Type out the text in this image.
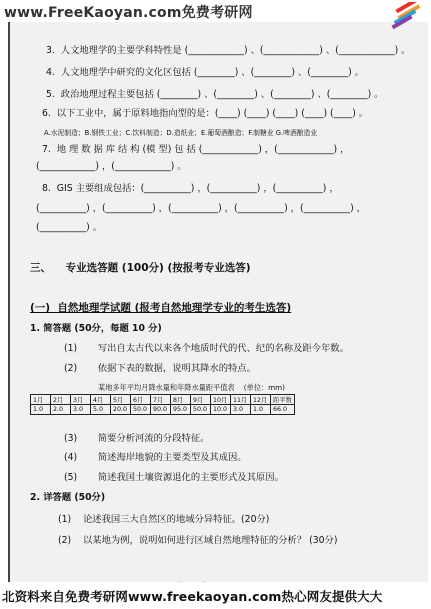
www.FreeKaoyan.com免费考研网
3.  人文地理学的主要学科特性是 (____________) 、(____________) 、(____________) 。
4.  人文地理学中研究的文化区包括 (________) 、(________) 、(________) 。
5.  政治地理过程主要包括 (________) 、(________) 、(________) 、(________) 。
6.  以下工业中，属于原料地指向型的是：(____) (____) (____) (____) (____) 。
A.水泥制造；B.钢铁工业；C.饮料制造；D.造纸业；E.葡萄酒酿造；F.制糖业 G.啤酒酿造业
7.  地 理 数 据 库 结 构 (模 型) 包 括 (____________) ，(____________) ，
(____________) ，(____________) 。
8.  GIS 主要组成包括：(__________) ，(__________) ，(__________) ，
(__________) ，(__________) ，(__________) ，(__________) ，(__________) ，
(__________) 。
三、    专业选答题 (100分) (按报考专业选答)
(一)  自然地理学试题 (报考自然地理学专业的考生选答)
1. 简答题 (50分，每题 10 分)
(1)       写出自太古代以来各个地质时代的代、纪的名称及距今年数。
(2)       依据下表的数据，说明其降水的特点。
某地多年平均月降水量和年降水量距平值表    (单位：mm)
1月	2月	3月	4月	5月	6月	7月	8月	9月	10月	11月	12月	距平数
1.0	2.0	3.0	5.0	20.0	50.0	90.0	95.0	50.0	10.0	3.0	1.0	66.0
(3)       简要分析河流的分段特征。
(4)       简述海岸地貌的主要类型及其成因。
(5)       简述我国土壤资源退化的主要形式及其原因。
2. 详答题 (50分)
(1)    论述我国三大自然区的地域分异特征。(20分)
(2)    以某地为例，说明如何进行区域自然地理特征的分析？ (30分)
北资料来自免费考研网www.freekaoyan.com热心网友提供大大
